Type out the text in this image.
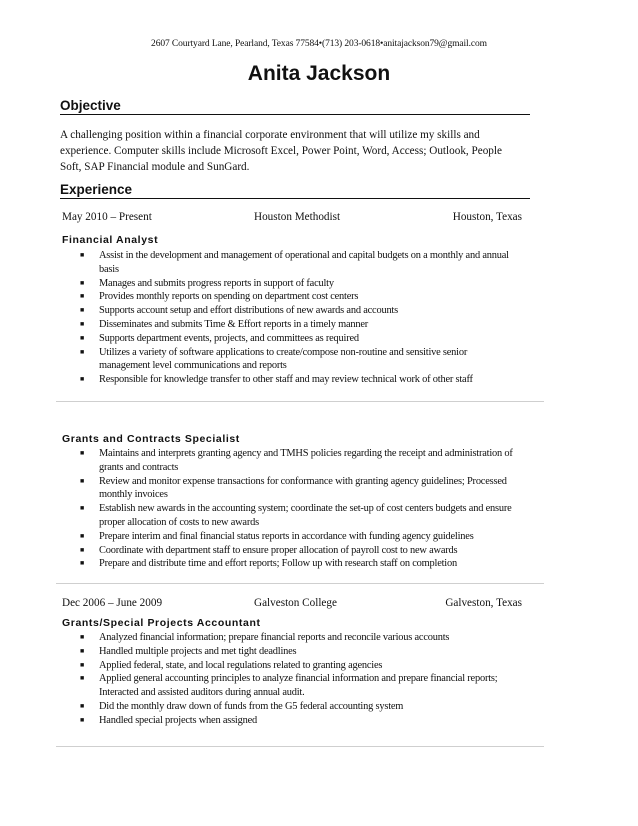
2607 Courtyard Lane, Pearland, Texas 77584•(713) 203-0618•anitajackson79@gmail.com
Anita Jackson
Objective
A challenging position within a financial corporate environment that will utilize my skills and
experience. Computer skills include Microsoft Excel, Power Point, Word, Access; Outlook, People
Soft, SAP Financial module and SunGard.
Experience
May 2010 – Present	Houston Methodist	Houston, Texas
Financial Analyst
■ Assist in the development and management of operational and capital budgets on a monthly and annual basis
■ Manages and submits progress reports in support of faculty
■ Provides monthly reports on spending on department cost centers
■ Supports account setup and effort distributions of new awards and accounts
■ Disseminates and submits Time & Effort reports in a timely manner
■ Supports department events, projects, and committees as required
■ Utilizes a variety of software applications to create/compose non-routine and sensitive senior management level communications and reports
■ Responsible for knowledge transfer to other staff and may review technical work of other staff
Grants and Contracts Specialist
■ Maintains and interprets granting agency and TMHS policies regarding the receipt and administration of grants and contracts
■ Review and monitor expense transactions for conformance with granting agency guidelines; Processed monthly invoices
■ Establish new awards in the accounting system; coordinate the set-up of cost centers budgets and ensure proper allocation of costs to new awards
■ Prepare interim and final financial status reports in accordance with funding agency guidelines
■ Coordinate with department staff to ensure proper allocation of payroll cost to new awards
■ Prepare and distribute time and effort reports; Follow up with research staff on completion
Dec 2006 – June 2009	Galveston College	Galveston, Texas
Grants/Special Projects Accountant
■ Analyzed financial information; prepare financial reports and reconcile various accounts
■ Handled multiple projects and met tight deadlines
■ Applied federal, state, and local regulations related to granting agencies
■ Applied general accounting principles to analyze financial information and prepare financial reports; Interacted and assisted auditors during annual audit.
■ Did the monthly draw down of funds from the G5 federal accounting system
■ Handled special projects when assigned
